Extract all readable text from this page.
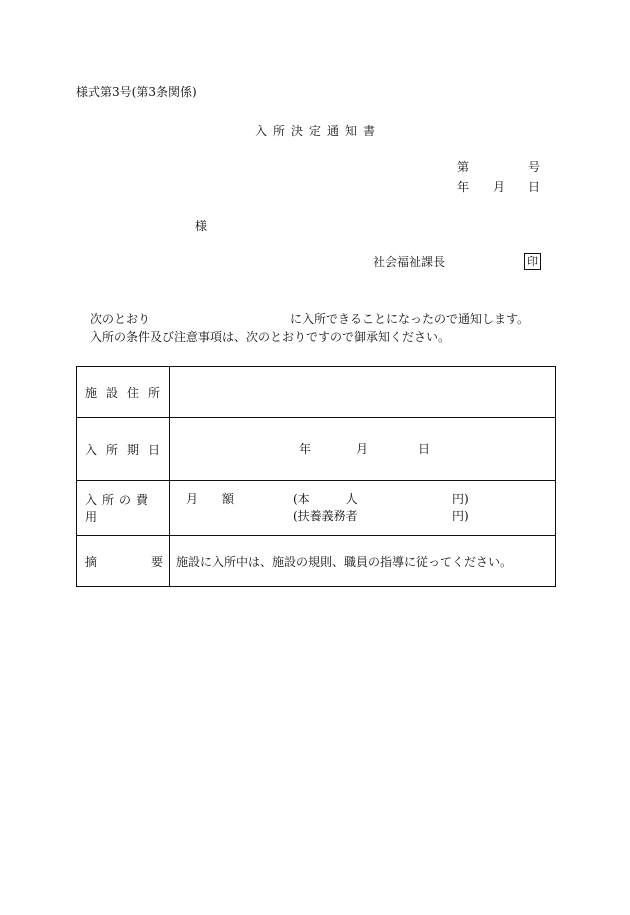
様式第3号(第3条関係)
入所決定通知書
第	号
年 月 日
様
社会福祉課長	印
次のとおり	に入所できることになったので通知します。
入所の条件及び注意事項は、次のとおりですので御承知ください。
施設住所	
入所期日	年 月 日

入所の費用	月　　額 (本　　　人 円)
(扶養義務者 円)

摘 要	施設に入所中は、施設の規則、職員の指導に従ってください。
